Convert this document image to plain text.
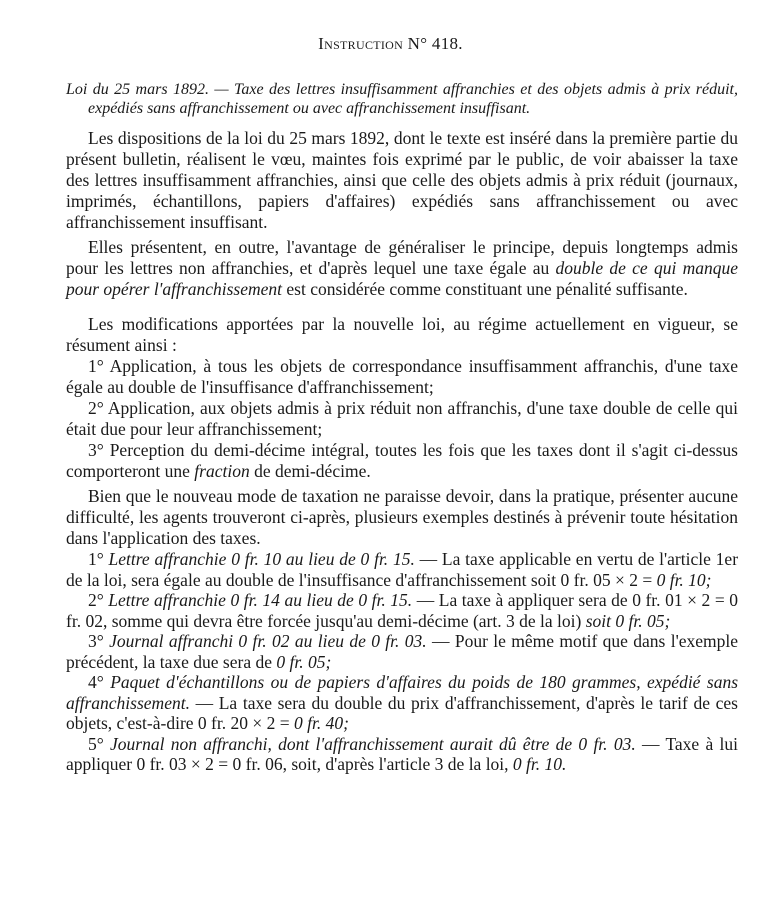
Instruction N° 418.

Loi du 25 mars 1892. — Taxe des lettres insuffisamment affranchies et des objets admis à prix réduit, expédiés sans affranchissement ou avec affranchissement insuffisant.

Les dispositions de la loi du 25 mars 1892, dont le texte est inséré dans la première partie du présent bulletin, réalisent le vœu, maintes fois exprimé par le public, de voir abaisser la taxe des lettres insuffisamment affranchies, ainsi que celle des objets admis à prix réduit (journaux, imprimés, échantillons, papiers d'affaires) expédiés sans affranchissement ou avec affranchissement insuffisant.

Elles présentent, en outre, l'avantage de généraliser le principe, depuis longtemps admis pour les lettres non affranchies, et d'après lequel une taxe égale au double de ce qui manque pour opérer l'affranchissement est considérée comme constituant une pénalité suffisante.

Les modifications apportées par la nouvelle loi, au régime actuellement en vigueur, se résument ainsi :

1° Application, à tous les objets de correspondance insuffisamment affranchis, d'une taxe égale au double de l'insuffisance d'affranchissement;

2° Application, aux objets admis à prix réduit non affranchis, d'une taxe double de celle qui était due pour leur affranchissement;

3° Perception du demi-décime intégral, toutes les fois que les taxes dont il s'agit ci-dessus comporteront une fraction de demi-décime.

Bien que le nouveau mode de taxation ne paraisse devoir, dans la pratique, présenter aucune difficulté, les agents trouveront ci-après, plusieurs exemples destinés à prévenir toute hésitation dans l'application des taxes.

1° Lettre affranchie 0 fr. 10 au lieu de 0 fr. 15. — La taxe applicable en vertu de l'article 1er de la loi, sera égale au double de l'insuffisance d'affranchissement soit 0 fr. 05 × 2 = 0 fr. 10;

2° Lettre affranchie 0 fr. 14 au lieu de 0 fr. 15. — La taxe à appliquer sera de 0 fr. 01 × 2 = 0 fr. 02, somme qui devra être forcée jusqu'au demi-décime (art. 3 de la loi) soit 0 fr. 05;

3° Journal affranchi 0 fr. 02 au lieu de 0 fr. 03. — Pour le même motif que dans l'exemple précédent, la taxe due sera de 0 fr. 05;

4° Paquet d'échantillons ou de papiers d'affaires du poids de 180 grammes, expédié sans affranchissement. — La taxe sera du double du prix d'affranchissement, d'après le tarif de ces objets, c'est-à-dire 0 fr. 20 × 2 = 0 fr. 40;

5° Journal non affranchi, dont l'affranchissement aurait dû être de 0 fr. 03. — Taxe à lui appliquer 0 fr. 03 × 2 = 0 fr. 06, soit, d'après l'article 3 de la loi, 0 fr. 10.
